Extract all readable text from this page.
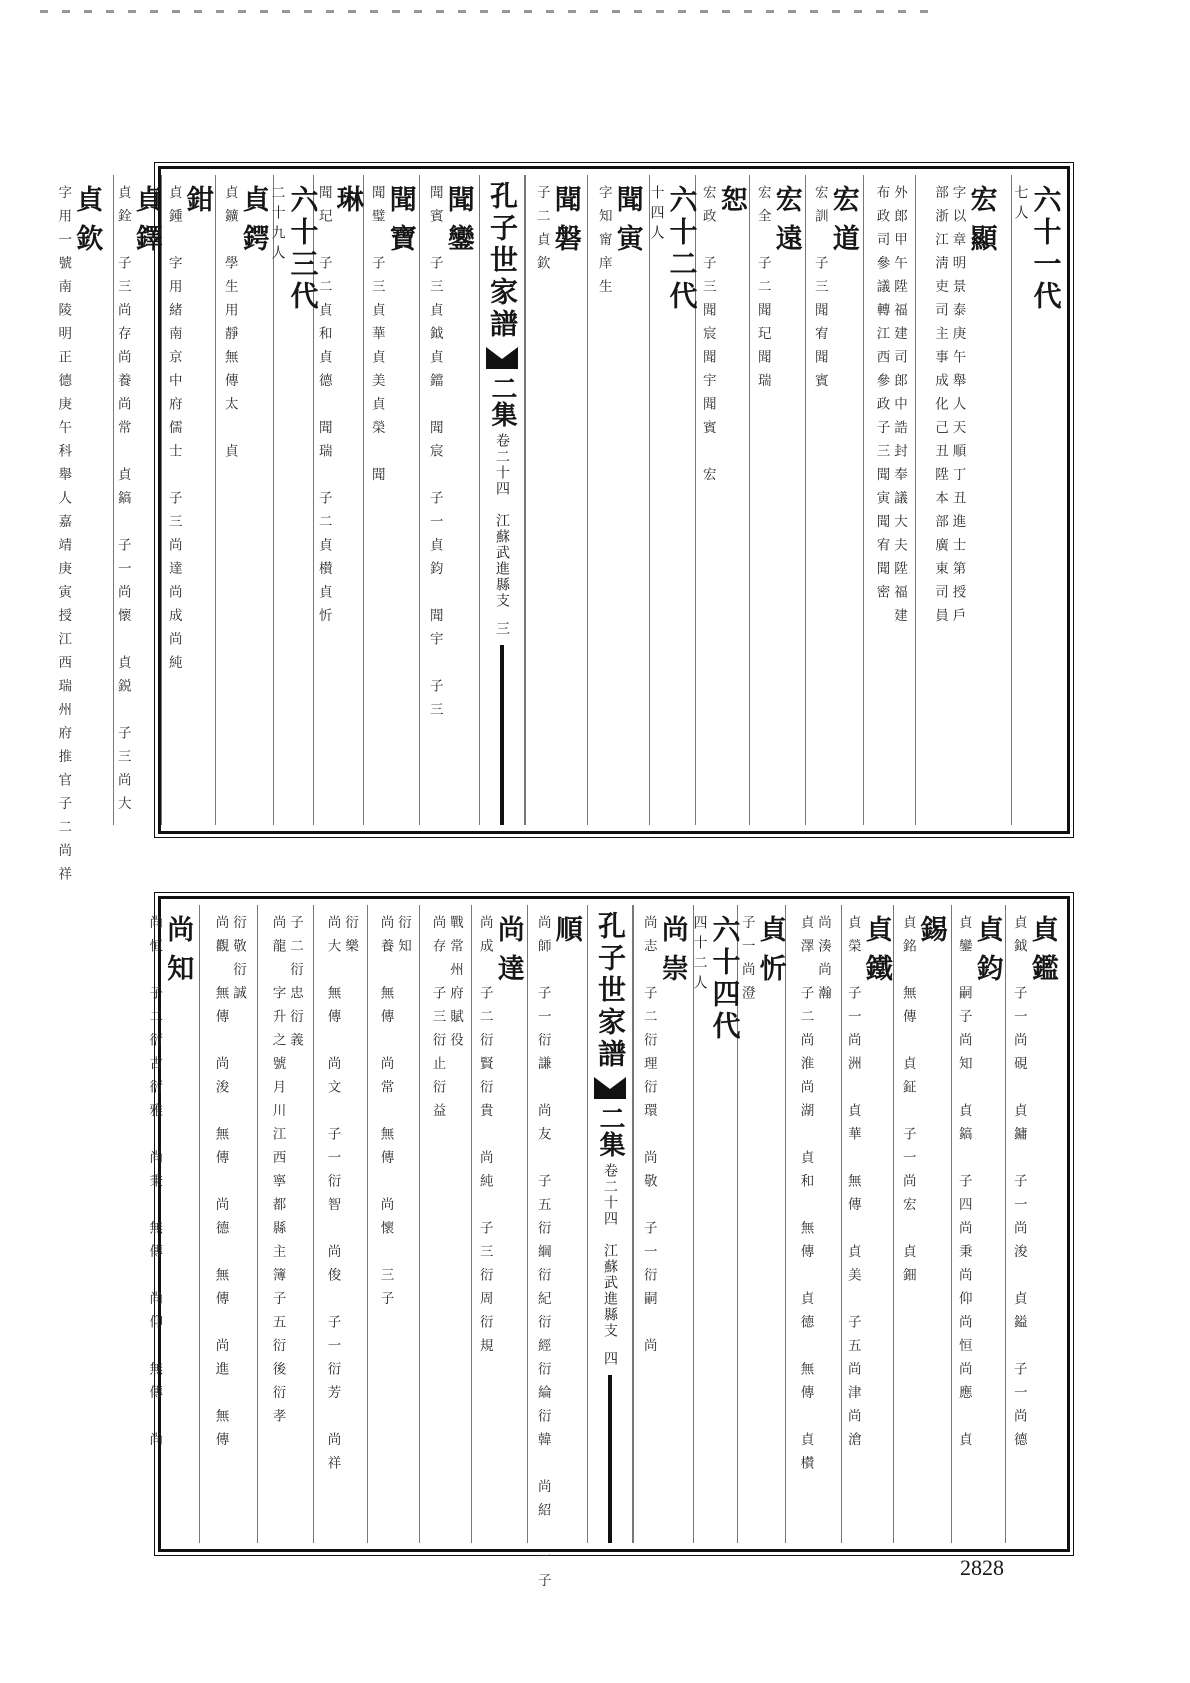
六十一代
七人
宏顯
字以章明景泰庚午舉人天順丁丑進士第授戶
部浙江淸吏司主事成化己丑陞本部廣東司員
外郎甲午陞福建司郎中誥封奉議大夫陞福建
布政司參議轉江西參政子三聞寅聞宥聞密
宏道
宏訓　子三聞宥聞賓
宏遠
宏全　子二聞玘聞瑞
恕
宏政　子三聞宸聞宇聞賓　宏
六十二代
十四人
聞寅
字知甯庠生
聞磐
子二貞欽
孔子世家譜
二集
卷二十四　江蘇武進縣支
三
聞鑾
聞賓　子三貞鉞貞鐺　聞宸　子一貞鈞　聞宇　子三
聞寶
聞璧　子三貞華貞美貞榮　聞
琳
聞玘　子二貞和貞德　聞瑞　子二貞櫕貞忻
六十三代
二十九人
貞鍔
貞鑛　學生用靜無傳太　貞
鉗
貞鍾　字用緒南京中府儒士　子三尚達尚成尚純
貞鐸
貞銓　子三尚存尚養尚常　貞鎬　子一尚懷　貞鋭　子三尚大
貞欽
字用一號南陵明正德庚午科舉人嘉靖庚寅授江西瑞州府推官子二尚祥
貞鑑
貞鉞　子一尚硯　貞鏞　子一尚浚　貞鎰　子一尚德
貞鈞
貞鑾　嗣子尚知　貞鎬　子四尚秉尚仰尚恒尚應　貞
錫
貞銘　無傳　貞鉦　子一尚宏　貞鈿
貞鐵
貞榮　子一尚洲　貞華　無傳　貞美　子五尚津尚滄
尚湊尚瀚
貞澤　子二尚淮尚湖　貞和　無傳　貞德　無傳　貞櫕
貞忻
子一尚澄
六十四代
四十二人
尚崇
尚志　子二衍理衍環　尚敬　子一衍嗣　尚
孔子世家譜
二集
卷二十四　江蘇武進縣支
四
順
尚師　子一衍謙　尚友　子五衍綱衍紀衍經衍綸衍韓　尚紹　一子
尚達
尚成　子二衍賢衍貴　尚純　子三衍周衍規
戰常州府賦役
尚存　子三衍止衍益
衍知
尚養　無傳　尚常　無傳　尚懷　三子
衍樂
尚大　無傳　尚文　子一衍智　尚俊　子一衍芳　尚祥
子二衍忠衍義
尚龍　字升之號月川江西寧都縣主簿子五衍後衍孝
衍敬衍誠
尚觀　無傳　尚浚　無傳　尚德　無傳　尚進　無傳
尚知
尚恒　子二衍古衍雅　尚秉　無傳　尚仰　無傳　尚
2828
